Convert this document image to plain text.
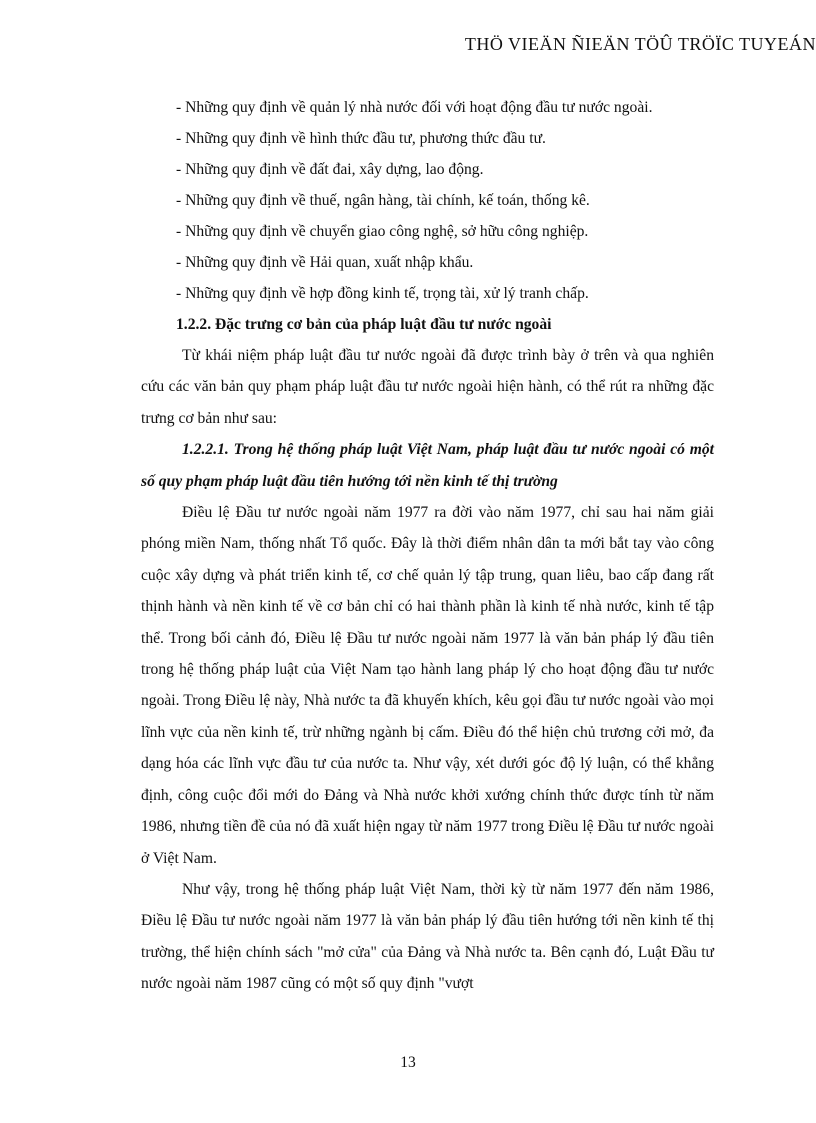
THÖ VIEÄN ÑIEÄN TÖÛ TRÖÏC TUYEÁN
- Những quy định về quản lý nhà nước đối với hoạt động đầu tư nước ngoài.
- Những quy định về hình thức đầu tư, phương thức đầu tư.
- Những quy định về đất đai, xây dựng, lao động.
- Những quy định về thuế, ngân hàng, tài chính, kế toán, thống kê.
- Những quy định về chuyển giao công nghệ, sở hữu công nghiệp.
- Những quy định về Hải quan, xuất nhập khẩu.
- Những quy định về hợp đồng kinh tế, trọng tài, xử lý tranh chấp.
1.2.2. Đặc trưng cơ bản của pháp luật đầu tư nước ngoài

Từ khái niệm pháp luật đầu tư nước ngoài đã được trình bày ở trên và qua nghiên cứu các văn bản quy phạm pháp luật đầu tư nước ngoài hiện hành, có thể rút ra những đặc trưng cơ bản như sau:

1.2.2.1. Trong hệ thống pháp luật Việt Nam, pháp luật đầu tư nước ngoài có một số quy phạm pháp luật đầu tiên hướng tới nền kinh tế thị trường

Điều lệ Đầu tư nước ngoài năm 1977 ra đời vào năm 1977, chỉ sau hai năm giải phóng miền Nam, thống nhất Tổ quốc. Đây là thời điểm nhân dân ta mới bắt tay vào công cuộc xây dựng và phát triển kinh tế, cơ chế quản lý tập trung, quan liêu, bao cấp đang rất thịnh hành và nền kinh tế về cơ bản chỉ có hai thành phần là kinh tế nhà nước, kinh tế tập thể. Trong bối cảnh đó, Điều lệ Đầu tư nước ngoài năm 1977 là văn bản pháp lý đầu tiên trong hệ thống pháp luật của Việt Nam tạo hành lang pháp lý cho hoạt động đầu tư nước ngoài. Trong Điều lệ này, Nhà nước ta đã khuyến khích, kêu gọi đầu tư nước ngoài vào mọi lĩnh vực của nền kinh tế, trừ những ngành bị cấm. Điều đó thể hiện chủ trương cởi mở, đa dạng hóa các lĩnh vực đầu tư của nước ta. Như vậy, xét dưới góc độ lý luận, có thể khẳng định, công cuộc đổi mới do Đảng và Nhà nước khởi xướng chính thức được tính từ năm 1986, nhưng tiền đề của nó đã xuất hiện ngay từ năm 1977 trong Điều lệ Đầu tư nước ngoài ở Việt Nam.

Như vậy, trong hệ thống pháp luật Việt Nam, thời kỳ từ năm 1977 đến năm 1986, Điều lệ Đầu tư nước ngoài năm 1977 là văn bản pháp lý đầu tiên hướng tới nền kinh tế thị trường, thể hiện chính sách "mở cửa" của Đảng và Nhà nước ta. Bên cạnh đó, Luật Đầu tư nước ngoài năm 1987 cũng có một số quy định "vượt

13
